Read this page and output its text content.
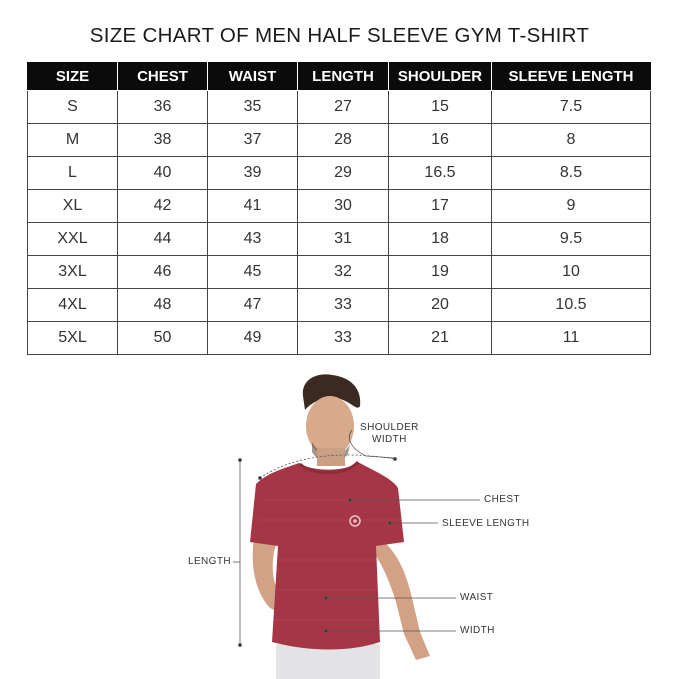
SIZE CHART OF MEN HALF SLEEVE GYM T-SHIRT
SIZE	CHEST	WAIST	LENGTH	SHOULDER	SLEEVE LENGTH
S	36	35	27	15	7.5
M	38	37	28	16	8
L	40	39	29	16.5	8.5
XL	42	41	30	17	9
XXL	44	43	31	18	9.5
3XL	46	45	32	19	10
4XL	48	47	33	20	10.5
5XL	50	49	33	21	11
SHOULDER
WIDTH
CHEST
SLEEVE LENGTH
LENGTH
WAIST
WIDTH
